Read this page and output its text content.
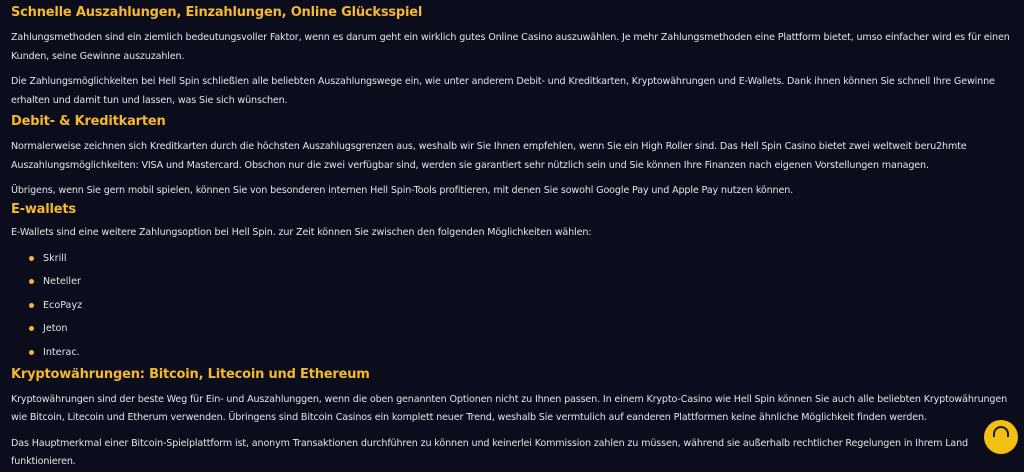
Schnelle Auszahlungen, Einzahlungen, Online Glücksspiel

Zahlungsmethoden sind ein ziemlich bedeutungsvoller Faktor, wenn es darum geht ein wirklich gutes Online Casino auszuwählen. Je mehr Zahlungsmethoden eine Plattform bietet, umso einfacher wird es für einen Kunden, seine Gewinne auszuzahlen.

Die Zahlungsmöglichkeiten bei Hell Spin schließlen alle beliebten Auszahlungswege ein, wie unter anderem Debit- und Kreditkarten, Kryptowährungen und E-Wallets. Dank ihnen können Sie schnell Ihre Gewinne erhalten und damit tun und lassen, was Sie sich wünschen.

Debit- & Kreditkarten

Normalerweise zeichnen sich Kreditkarten durch die höchsten Auszahlugsgrenzen aus, weshalb wir Sie Ihnen empfehlen, wenn Sie ein High Roller sind. Das Hell Spin Casino bietet zwei weltweit beru2hmte Auszahlungsmöglichkeiten: VISA und Mastercard. Obschon nur die zwei verfügbar sind, werden sie garantiert sehr nützlich sein und Sie können Ihre Finanzen nach eigenen Vorstellungen managen.

Übrigens, wenn Sie gern mobil spielen, können Sie von besonderen internen Hell Spin-Tools profitieren, mit denen Sie sowohl Google Pay und Apple Pay nutzen können.

E-wallets

E-Wallets sind eine weitere Zahlungsoption bei Hell Spin. zur Zeit können Sie zwischen den folgenden Möglichkeiten wählen:

Skrill
Neteller
EcoPayz
Jeton
Interac.
Kryptowährungen: Bitcoin, Litecoin und Ethereum

Kryptowährungen sind der beste Weg für Ein- und Auszahlunggen, wenn die oben genannten Optionen nicht zu Ihnen passen. In einem Krypto-Casino wie Hell Spin können Sie auch alle beliebten Kryptowährungen wie Bitcoin, Litecoin und Etherum verwenden. Übringens sind Bitcoin Casinos ein komplett neuer Trend, weshalb Sie vermtulich auf eanderen Plattformen keine ähnliche Möglichkeit finden werden.

Das Hauptmerkmal einer Bitcoin-Spielplattform ist, anonym Transaktionen durchführen zu können und keinerlei Kommission zahlen zu müssen, während sie außerhalb rechtlicher Regelungen in Ihrem Land funktionieren.
